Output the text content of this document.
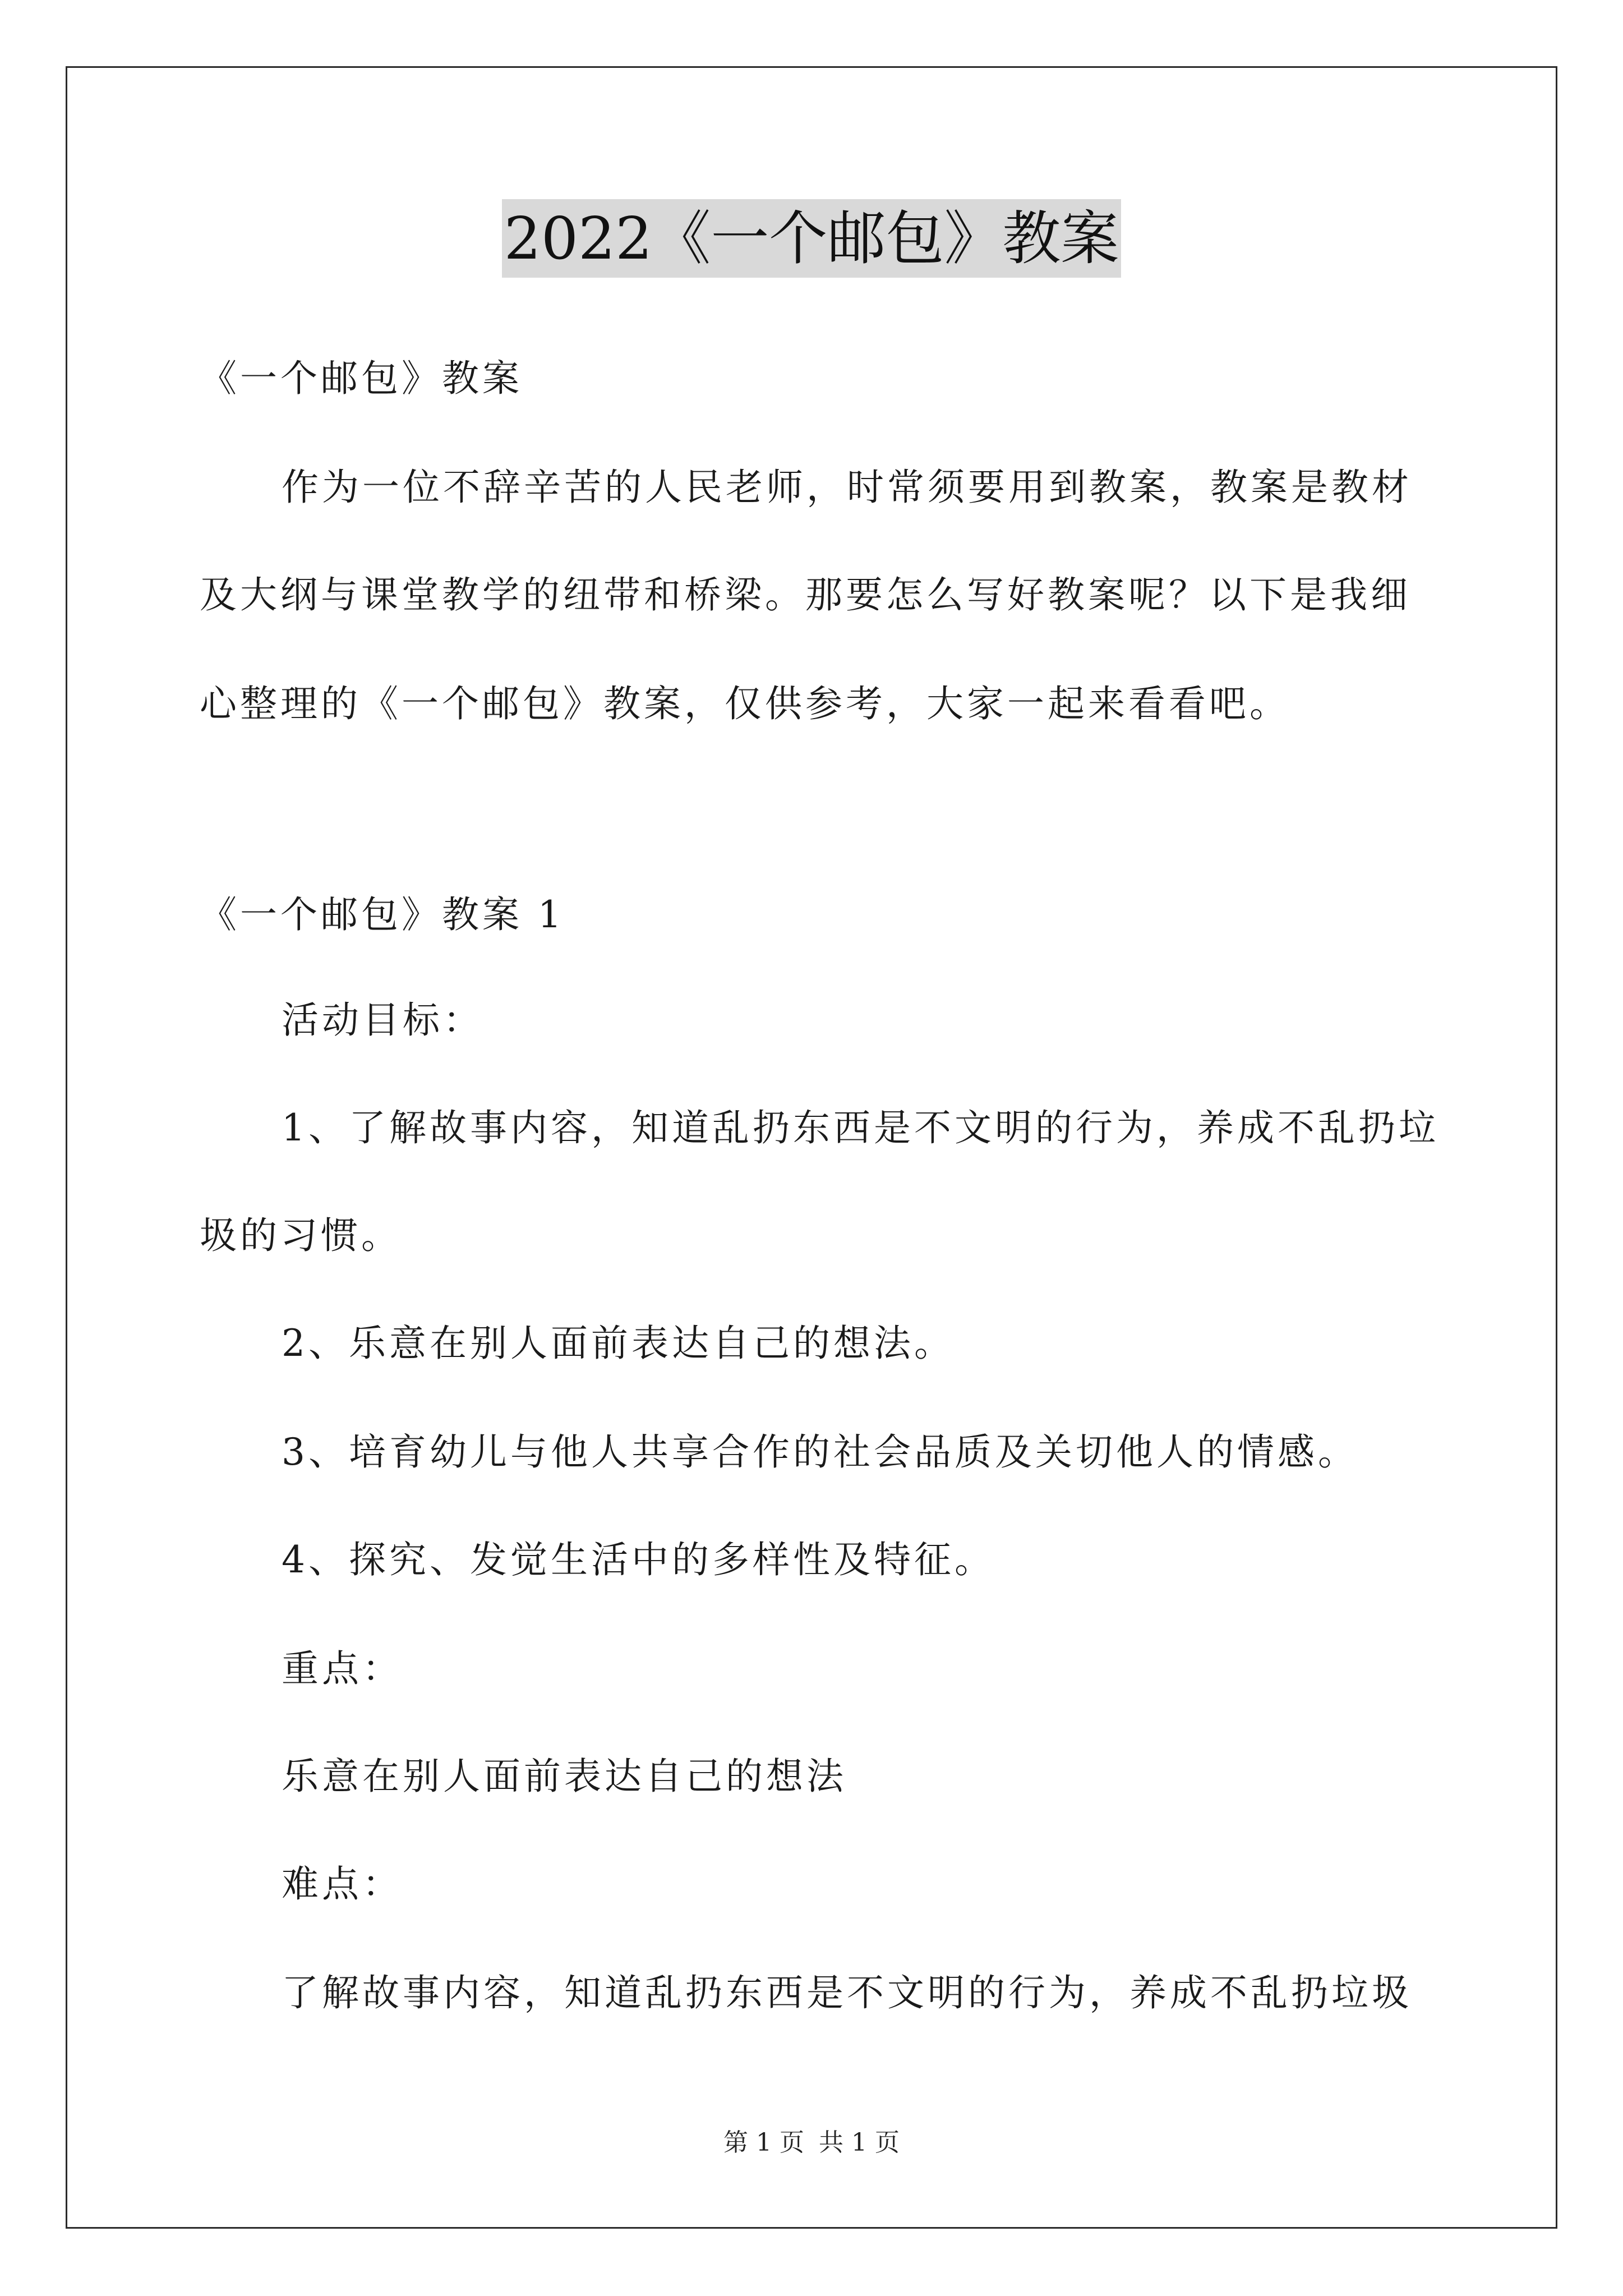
2022《一个邮包》教案
《一个邮包》教案
作为一位不辞辛苦的人民老师，时常须要用到教案，教案是教材
及大纲与课堂教学的纽带和桥梁。那要怎么写好教案呢？以下是我细
心整理的《一个邮包》教案，仅供参考，大家一起来看看吧。
《一个邮包》教案 1
活动目标：
1、了解故事内容，知道乱扔东西是不文明的行为，养成不乱扔垃
圾的习惯。
2、乐意在别人面前表达自己的想法。
3、培育幼儿与他人共享合作的社会品质及关切他人的情感。
4、探究、发觉生活中的多样性及特征。
重点：
乐意在别人面前表达自己的想法
难点：
了解故事内容，知道乱扔东西是不文明的行为，养成不乱扔垃圾
第 1 页 共 1 页
